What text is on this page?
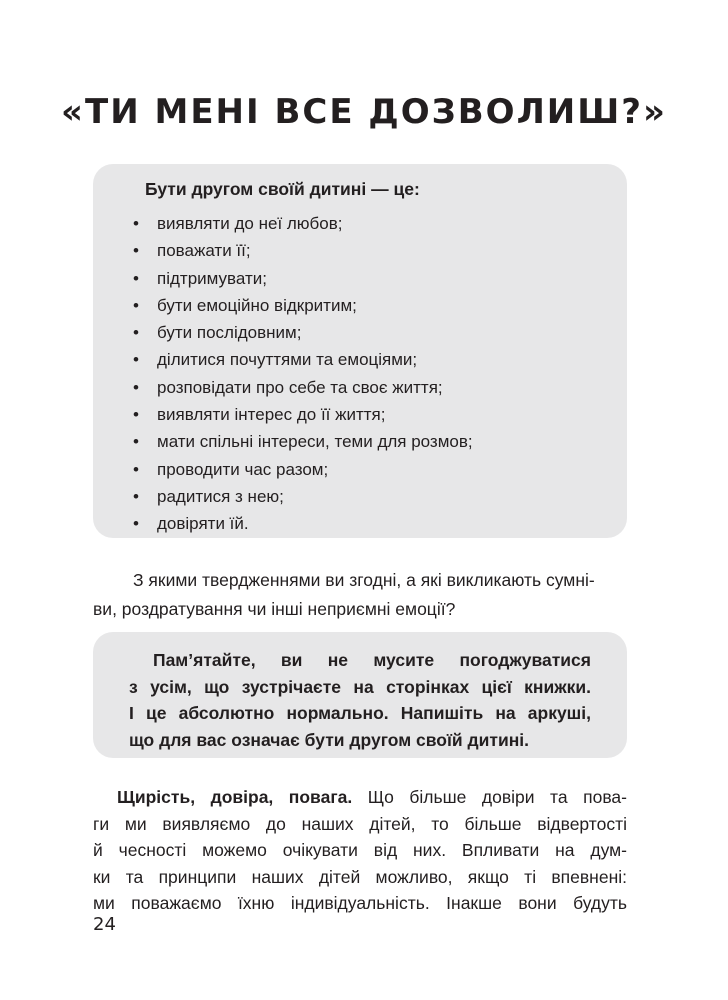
«ТИ МЕНІ ВСЕ ДОЗВОЛИШ?»
Бути другом своїй дитині — це:
• виявляти до неї любов;
• поважати її;
• підтримувати;
• бути емоційно відкритим;
• бути послідовним;
• ділитися почуттями та емоціями;
• розповідати про себе та своє життя;
• виявляти інтерес до її життя;
• мати спільні інтереси, теми для розмов;
• проводити час разом;
• радитися з нею;
• довіряти їй.
З якими твердженнями ви згодні, а які викликають сумні-
ви, роздратування чи інші неприємні емоції?
Пам’ятайте, ви не мусите погоджуватися
з усім, що зустрічаєте на сторінках цієї книжки.
І це абсолютно нормально. Напишіть на аркуші,
що для вас означає бути другом своїй дитині.
Щирість, довіра, повага. Що більше довіри та пова-
ги ми виявляємо до наших дітей, то більше відвертості
й чесності можемо очікувати від них. Впливати на дум-
ки та принципи наших дітей можливо, якщо ті впевнені:
ми поважаємо їхню індивідуальність. Інакше вони будуть
24
